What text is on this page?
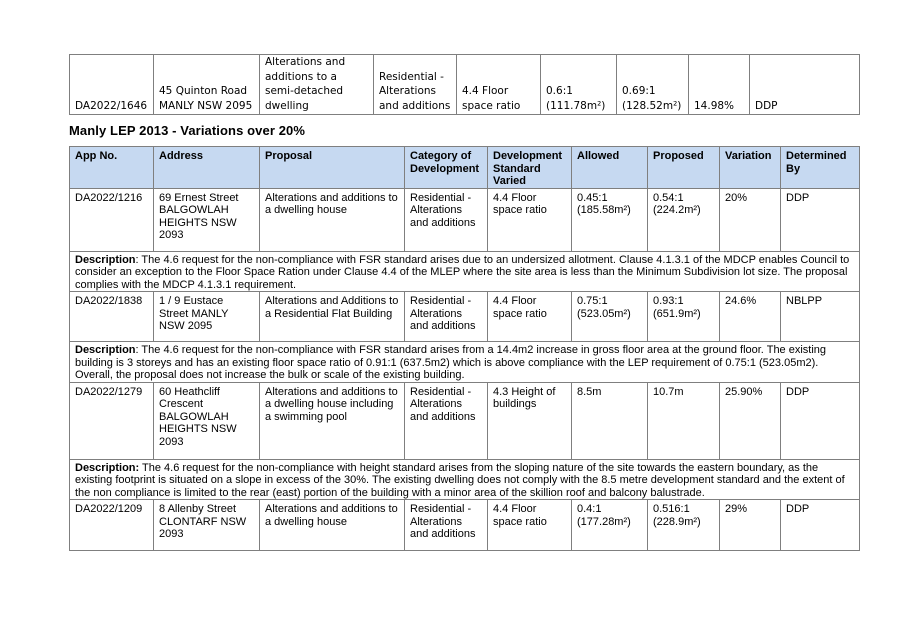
DA2022/1646	45 Quinton Road MANLY NSW 2095	Alterations and additions to a semi-detached dwelling	Residential - Alterations and additions	4.4 Floor space ratio	0.6:1 (111.78m²)	0.69:1 (128.52m²)	14.98%	DDP
Manly LEP 2013 - Variations over 20%
App No.	Address	Proposal	Category of Development	Development Standard Varied	Allowed	Proposed	Variation	Determined By
DA2022/1216	69 Ernest Street BALGOWLAH HEIGHTS NSW 2093	Alterations and additions to a dwelling house	Residential - Alterations and additions	4.4 Floor space ratio	0.45:1 (185.58m²)	0.54:1 (224.2m²)	20%	DDP
Description: The 4.6 request for the non-compliance with FSR standard arises due to an undersized allotment. Clause 4.1.3.1 of the MDCP enables Council to consider an exception to the Floor Space Ration under Clause 4.4 of the MLEP where the site area is less than the Minimum Subdivision lot size. The proposal complies with the MDCP 4.1.3.1 requirement.								
DA2022/1838	1 / 9 Eustace Street MANLY NSW 2095	Alterations and Additions to a Residential Flat Building	Residential - Alterations and additions	4.4 Floor space ratio	0.75:1 (523.05m²)	0.93:1 (651.9m²)	24.6%	NBLPP
Description: The 4.6 request for the non-compliance with FSR standard arises from a 14.4m2 increase in gross floor area at the ground floor. The existing building is 3 storeys and has an existing floor space ratio of 0.91:1 (637.5m2) which is above compliance with the LEP requirement of 0.75:1 (523.05m2). Overall, the proposal does not increase the bulk or scale of the existing building.								
DA2022/1279	60 Heathcliff Crescent BALGOWLAH HEIGHTS NSW 2093	Alterations and additions to a dwelling house including a swimming pool	Residential - Alterations and additions	4.3 Height of buildings	8.5m	10.7m	25.90%	DDP
Description: The 4.6 request for the non-compliance with height standard arises from the sloping nature of the site towards the eastern boundary, as the existing footprint is situated on a slope in excess of the 30%. The existing dwelling does not comply with the 8.5 metre development standard and the extent of the non compliance is limited to the rear (east) portion of the building with a minor area of the skillion roof and balcony balustrade.								
DA2022/1209	8 Allenby Street CLONTARF NSW 2093	Alterations and additions to a dwelling house	Residential - Alterations and additions	4.4 Floor space ratio	0.4:1 (177.28m²)	0.516:1 (228.9m²)	29%	DDP
